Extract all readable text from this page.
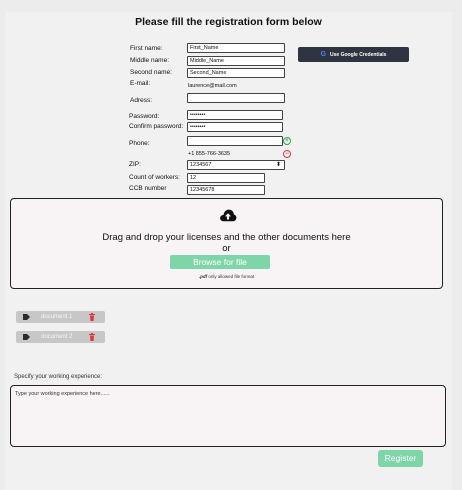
Please fill the registration form below
First name:
Middle name:
Second name:
E-mail:
Adress:
Password:
Confirm password:
Phone:
ZIP:
Count of workers:
CCB number
First_Name
Middle_Name
Second_Name
laurence@mail.com
••••••••
••••••••
+
+1 855-766-3635	−
1234567	⬍
12
12345678
G Use Google Credentials
Drag and drop your licenses and the other documents here
or
Browse for file
.pdf only allowed file format
document 1
document 2
Specify your working experience:
Type your working experience here......
Register
